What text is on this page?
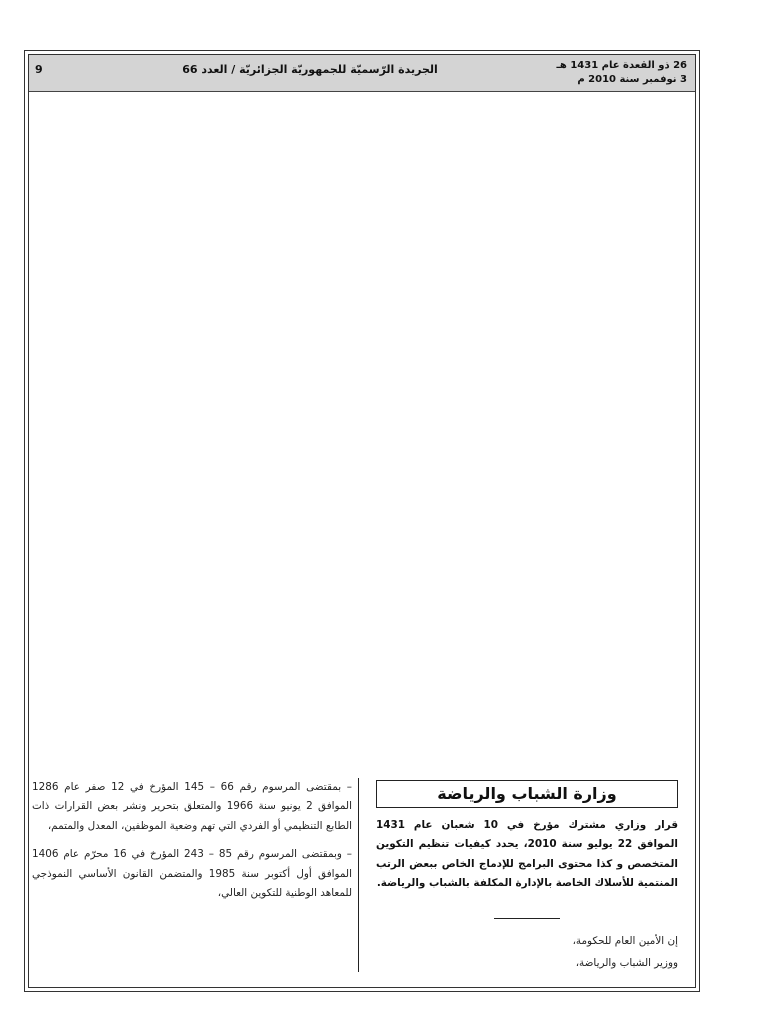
9	الجريدة الرّسميّة للجمهوريّة الجزائريّة / العدد 66	26 ذو القعدة عام 1431 هـ
3 نوفمبر سنة 2010 م
وزارة الشباب والرياضة
قرار وزاري مشترك مؤرخ في 10 شعبان عام 1431 الموافق 22 يوليو سنة 2010، يحدد كيفيات تنظيم التكوين المتخصص و كذا محتوى البرامج للإدماج الخاص ببعض الرتب المنتمية للأسلاك الخاصة بالإدارة المكلفة بالشباب والرياضة.
إن الأمين العام للحكومة،
ووزير الشباب والرياضة،

– بمقتضى المرسوم رقم 66 – 145 المؤرخ في 12 صفر عام 1286 الموافق 2 يونيو سنة 1966 والمتعلق بتحرير ونشر بعض القرارات ذات الطابع التنظيمي أو الفردي التي تهم وضعية الموظفين، المعدل والمتمم،

– وبمقتضى المرسوم رقم 85 – 243 المؤرخ في 16 محرّم عام 1406 الموافق أول أكتوبر سنة 1985 والمتضمن القانون الأساسي النموذجي للمعاهد الوطنية للتكوين العالي،
